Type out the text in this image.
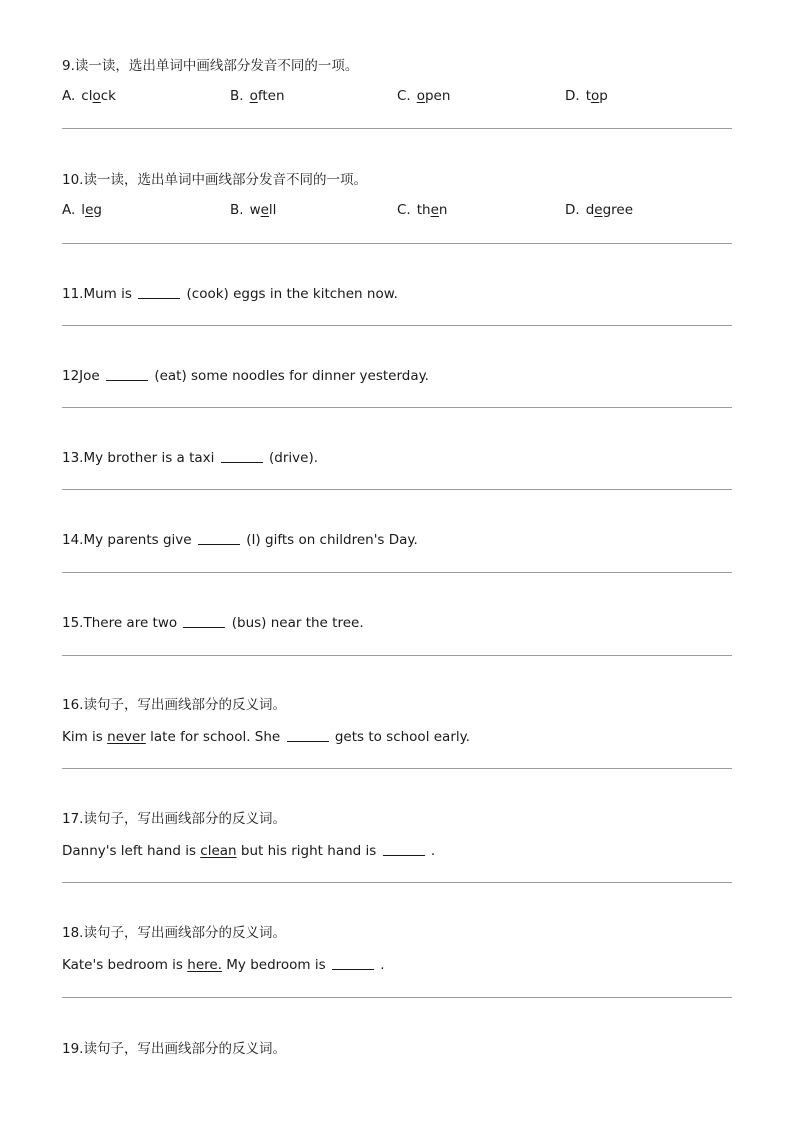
9.读一读，选出单词中画线部分发音不同的一项。
A. clock	B. often	C. open	D. top
10.读一读，选出单词中画线部分发音不同的一项。
A. leg	B. well	C. then	D. degree
11.Mum is	(cook) eggs in the kitchen now.
12Joe	(eat) some noodles for dinner yesterday.
13.My brother is a taxi	(drive).
14.My parents give	(I) gifts on children's Day.
15.There are two	(bus) near the tree.
16.读句子，写出画线部分的反义词。
Kim is never late for school. She	gets to school early.
17.读句子，写出画线部分的反义词。
Danny's left hand is clean but his right hand is	.
18.读句子，写出画线部分的反义词。
Kate's bedroom is here. My bedroom is	.
19.读句子，写出画线部分的反义词。
